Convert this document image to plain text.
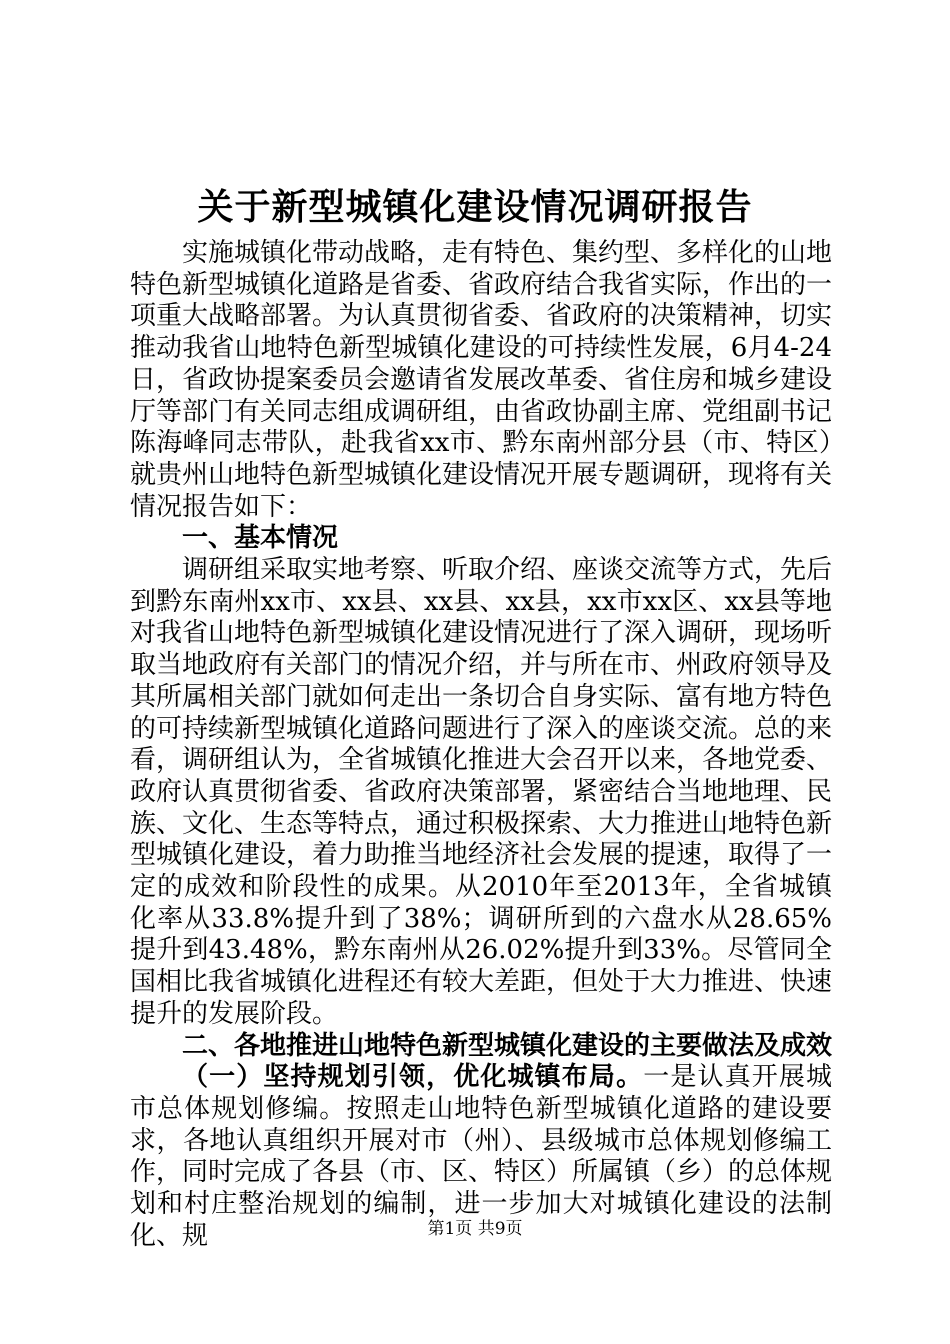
关于新型城镇化建设情况调研报告

实施城镇化带动战略，走有特色、集约型、多样化的山地特色新型城镇化道路是省委、省政府结合我省实际，作出的一项重大战略部署。为认真贯彻省委、省政府的决策精神，切实推动我省山地特色新型城镇化建设的可持续性发展，6月4-24日，省政协提案委员会邀请省发展改革委、省住房和城乡建设厅等部门有关同志组成调研组，由省政协副主席、党组副书记陈海峰同志带队，赴我省xx市、黔东南州部分县（市、特区）就贵州山地特色新型城镇化建设情况开展专题调研，现将有关情况报告如下：

一、基本情况

调研组采取实地考察、听取介绍、座谈交流等方式，先后到黔东南州xx市、xx县、xx县、xx县，xx市xx区、xx县等地对我省山地特色新型城镇化建设情况进行了深入调研，现场听取当地政府有关部门的情况介绍，并与所在市、州政府领导及其所属相关部门就如何走出一条切合自身实际、富有地方特色的可持续新型城镇化道路问题进行了深入的座谈交流。总的来看，调研组认为，全省城镇化推进大会召开以来，各地党委、政府认真贯彻省委、省政府决策部署，紧密结合当地地理、民族、文化、生态等特点，通过积极探索、大力推进山地特色新型城镇化建设，着力助推当地经济社会发展的提速，取得了一定的成效和阶段性的成果。从2010年至2013年，全省城镇化率从33.8%提升到了38%；调研所到的六盘水从28.65%提升到43.48%，黔东南州从26.02%提升到33%。尽管同全国相比我省城镇化进程还有较大差距，但处于大力推进、快速提升的发展阶段。

二、各地推进山地特色新型城镇化建设的主要做法及成效

（一）坚持规划引领，优化城镇布局。一是认真开展城市总体规划修编。按照走山地特色新型城镇化道路的建设要求，各地认真组织开展对市（州）、县级城市总体规划修编工作，同时完成了各县（市、区、特区）所属镇（乡）的总体规划和村庄整治规划的编制，进一步加大对城镇化建设的法制化、规	第1页 共9页
